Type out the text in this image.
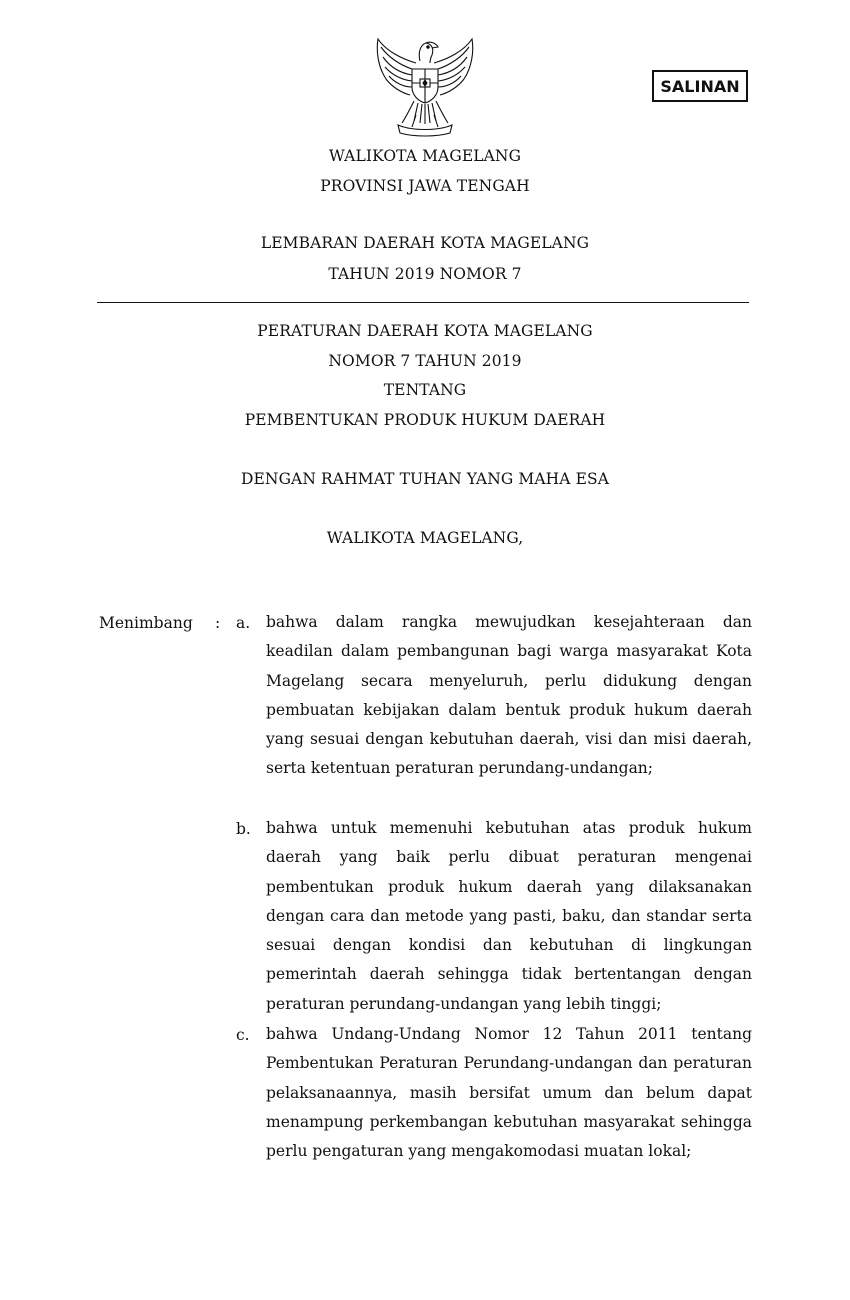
SALINAN
WALIKOTA MAGELANG
PROVINSI JAWA TENGAH
LEMBARAN DAERAH KOTA MAGELANG
TAHUN 2019 NOMOR 7
PERATURAN DAERAH KOTA MAGELANG
NOMOR 7 TAHUN 2019
TENTANG
PEMBENTUKAN PRODUK HUKUM DAERAH
DENGAN RAHMAT TUHAN YANG MAHA ESA
WALIKOTA MAGELANG,
Menimbang : a. bahwa dalam rangka mewujudkan kesejahteraan dan keadilan dalam pembangunan bagi warga masyarakat Kota Magelang secara menyeluruh, perlu didukung dengan pembuatan kebijakan dalam bentuk produk hukum daerah yang sesuai dengan kebutuhan daerah, visi dan misi daerah, serta ketentuan peraturan perundang-undangan;

b. bahwa untuk memenuhi kebutuhan atas produk hukum daerah yang baik perlu dibuat peraturan mengenai pembentukan produk hukum daerah yang dilaksanakan dengan cara dan metode yang pasti, baku, dan standar serta sesuai dengan kondisi dan kebutuhan di lingkungan pemerintah daerah sehingga tidak bertentangan dengan peraturan perundang-undangan yang lebih tinggi;

c. bahwa Undang-Undang Nomor 12 Tahun 2011 tentang Pembentukan Peraturan Perundang-undangan dan peraturan pelaksanaannya, masih bersifat umum dan belum dapat menampung perkembangan kebutuhan masyarakat sehingga perlu pengaturan yang mengakomodasi muatan lokal;
